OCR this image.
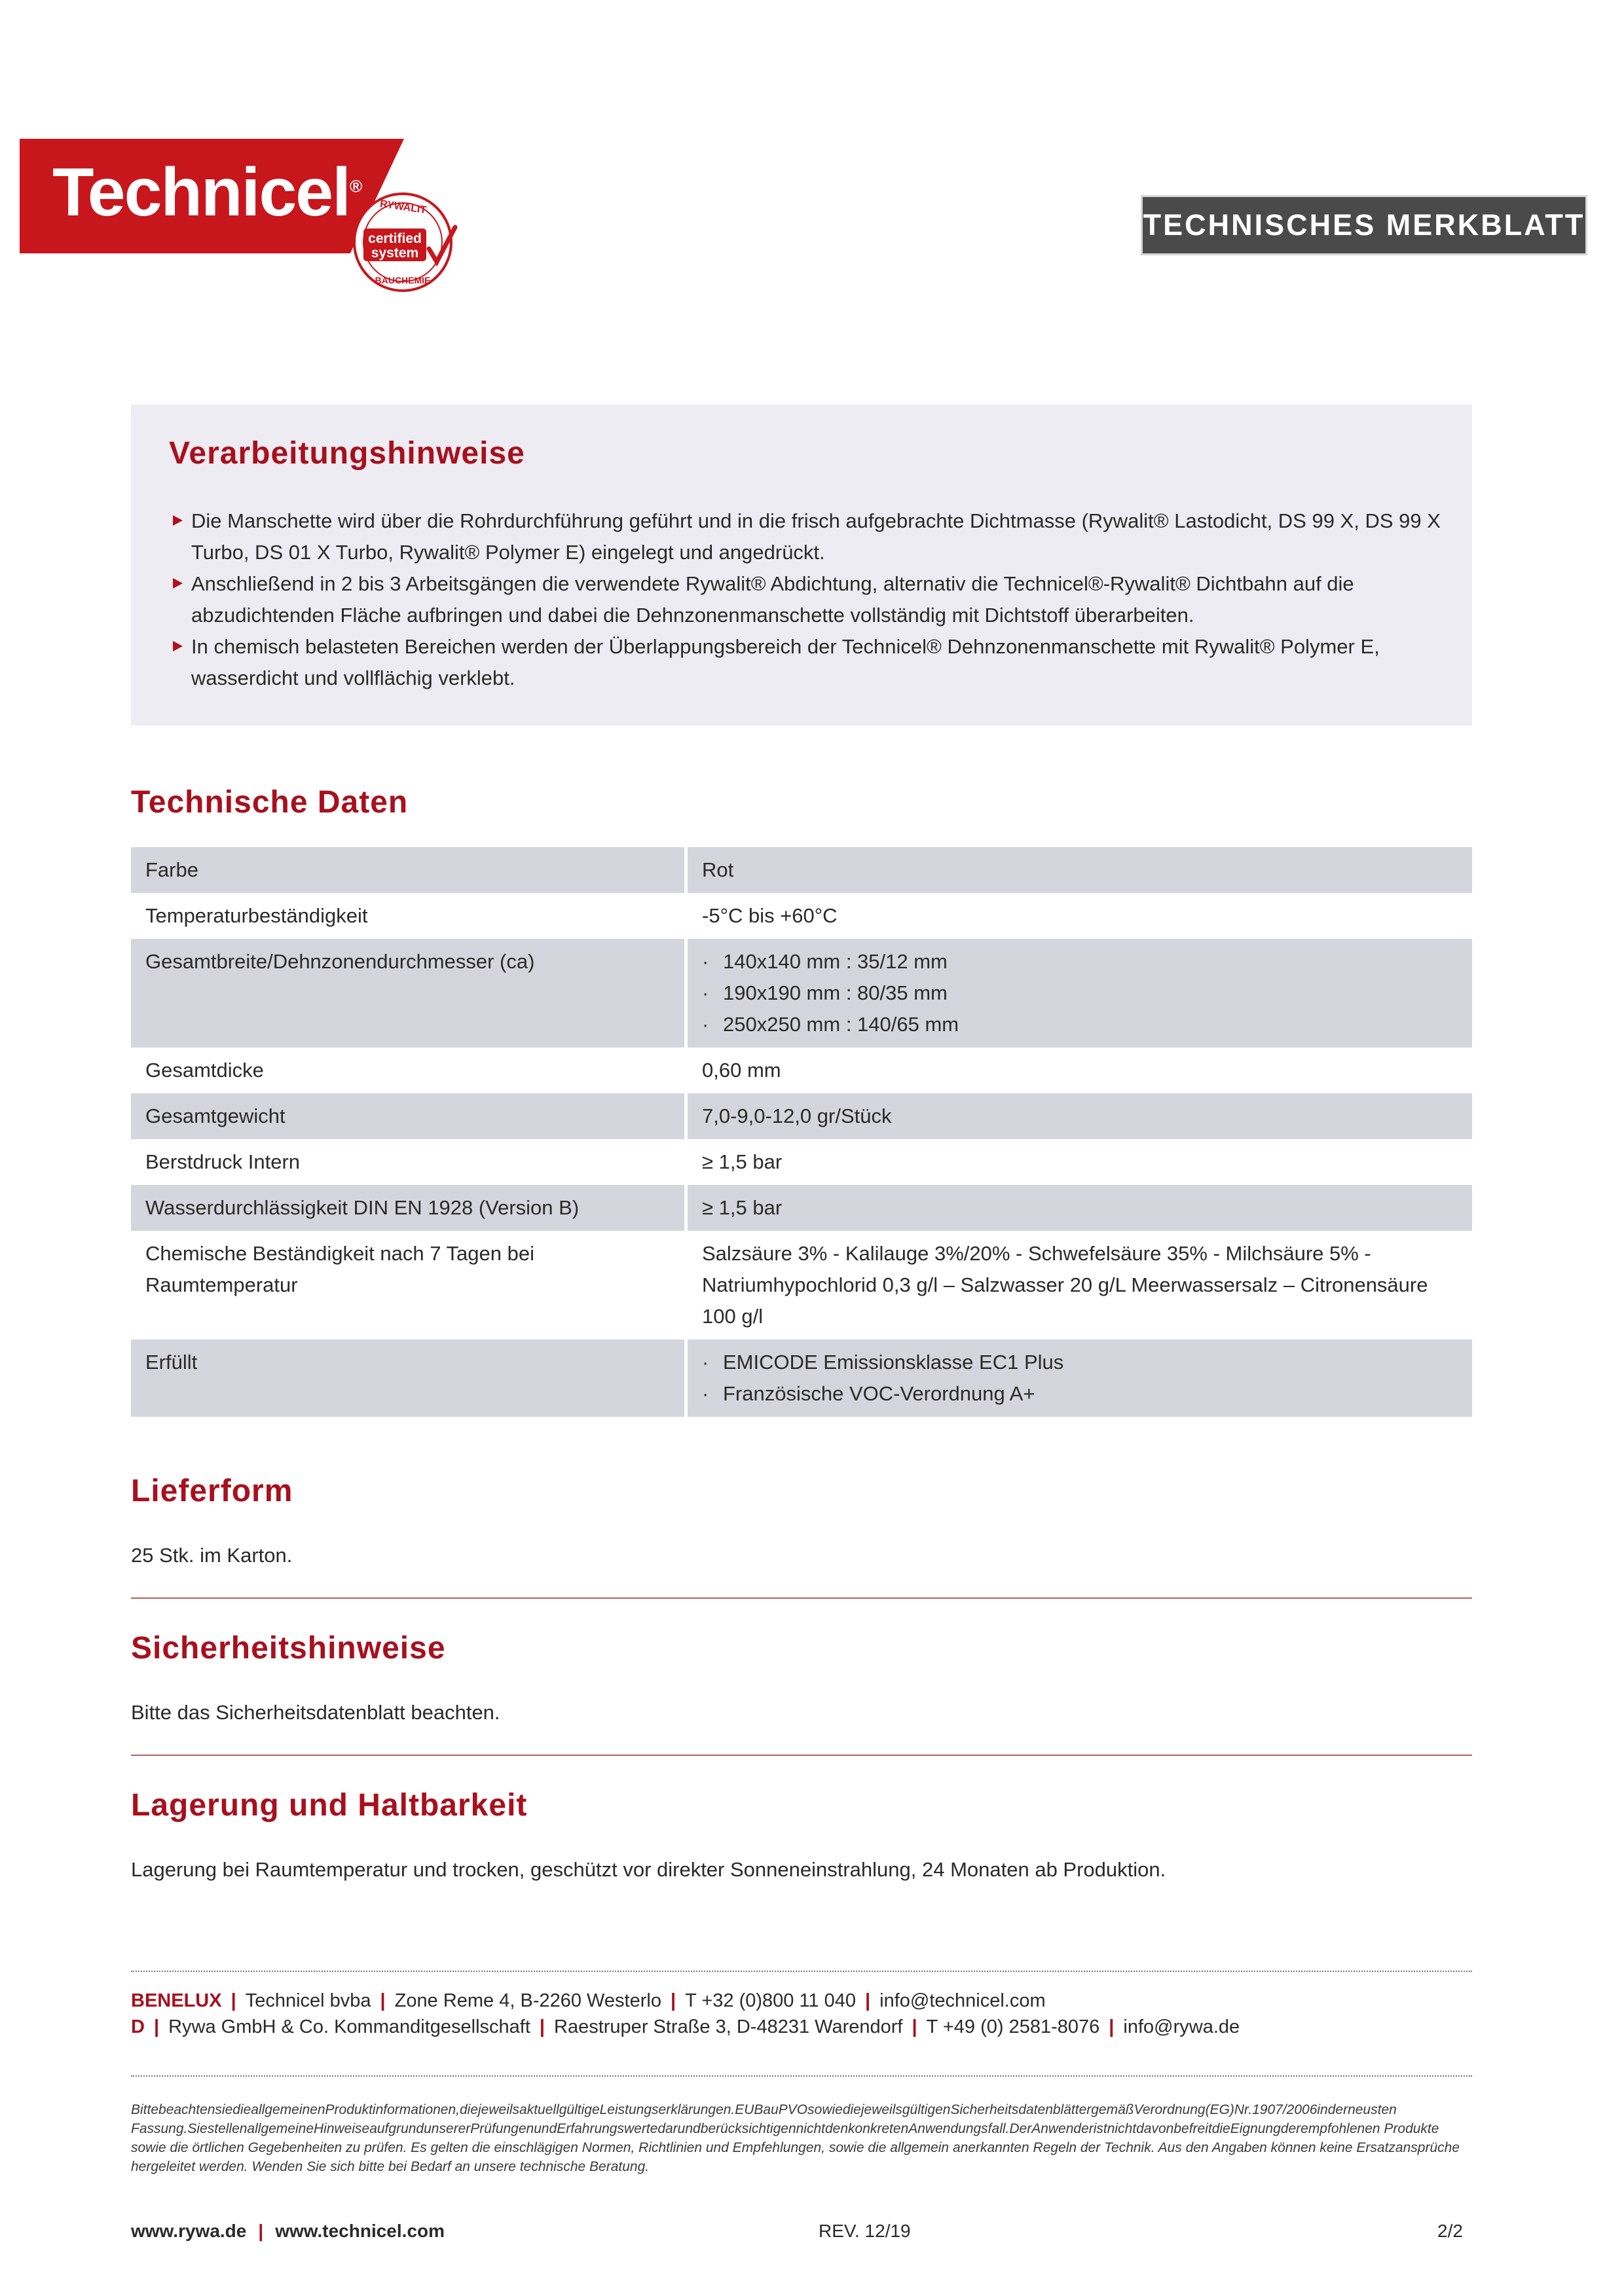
Technicel®
RYWALIT
certified
system
BAUCHEMIE
TECHNISCHES MERKBLATT
Verarbeitungshinweise
Die Manschette wird über die Rohrdurchführung geführt und in die frisch aufgebrachte Dichtmasse (Rywalit® Lastodicht, DS 99 X, DS 99 X Turbo, DS 01 X Turbo, Rywalit® Polymer E) eingelegt und angedrückt.
Anschließend in 2 bis 3 Arbeitsgängen die verwendete Rywalit® Abdichtung, alternativ die Technicel®-Rywalit® Dichtbahn auf die abzudichtenden Fläche aufbringen und dabei die Dehnzonenmanschette vollständig mit Dichtstoff überarbeiten.
In chemisch belasteten Bereichen werden der Überlappungsbereich der Technicel® Dehnzonenmanschette mit Rywalit® Polymer E, wasserdicht und vollflächig verklebt.
Technische Daten
Farbe	Rot
Temperaturbeständigkeit	-5°C bis +60°C
Gesamtbreite/Dehnzonendurchmesser (ca)	· 140x140 mm : 35/12 mm
· 190x190 mm : 80/35 mm
· 250x250 mm : 140/65 mm

Gesamtdicke	0,60 mm
Gesamtgewicht	7,0-9,0-12,0 gr/Stück
Berstdruck Intern	≥ 1,5 bar
Wasserdurchlässigkeit DIN EN 1928 (Version B)	≥ 1,5 bar
Chemische Beständigkeit nach 7 Tagen bei Raumtemperatur	Salzsäure 3% - Kalilauge 3%/20% - Schwefelsäure 35% - Milchsäure 5% - Natriumhypochlorid 0,3 g/l – Salzwasser 20 g/L Meerwassersalz – Citronensäure 100 g/l
Erfüllt	· EMICODE Emissionsklasse EC1 Plus
· Französische VOC-Verordnung A+
Lieferform
25 Stk. im Karton.
Sicherheitshinweise
Bitte das Sicherheitsdatenblatt beachten.
Lagerung und Haltbarkeit
Lagerung bei Raumtemperatur und trocken, geschützt vor direkter Sonneneinstrahlung, 24 Monaten ab Produktion.
BENELUX | Technicel bvba | Zone Reme 4, B-2260 Westerlo | T +32 (0)800 11 040 | info@technicel.com
D | Rywa GmbH & Co. Kommanditgesellschaft | Raestruper Straße 3, D-48231 Warendorf | T +49 (0) 2581-8076 | info@rywa.de
BittebeachtensiedieallgemeinenProduktinformationen,diejeweilsaktuellgültigeLeistungserklärungen.EUBauPVOsowiediejeweilsgültigenSicherheitsdatenblättergemäßVerordnung(EG)Nr.1907/2006inderneusten Fassung.SiestellenallgemeineHinweiseaufgrundunsererPrüfungenundErfahrungswertedarundberücksichtigennichtdenkonkretenAnwendungsfall.DerAnwenderistnichtdavonbefreitdieEignungderempfohlenen Produkte sowie die örtlichen Gegebenheiten zu prüfen. Es gelten die einschlägigen Normen, Richtlinien und Empfehlungen, sowie die allgemein anerkannten Regeln der Technik. Aus den Angaben können keine Ersatzansprüche hergeleitet werden. Wenden Sie sich bitte bei Bedarf an unsere technische Beratung.
www.rywa.de | www.technicel.com	REV. 12/19	2/2
